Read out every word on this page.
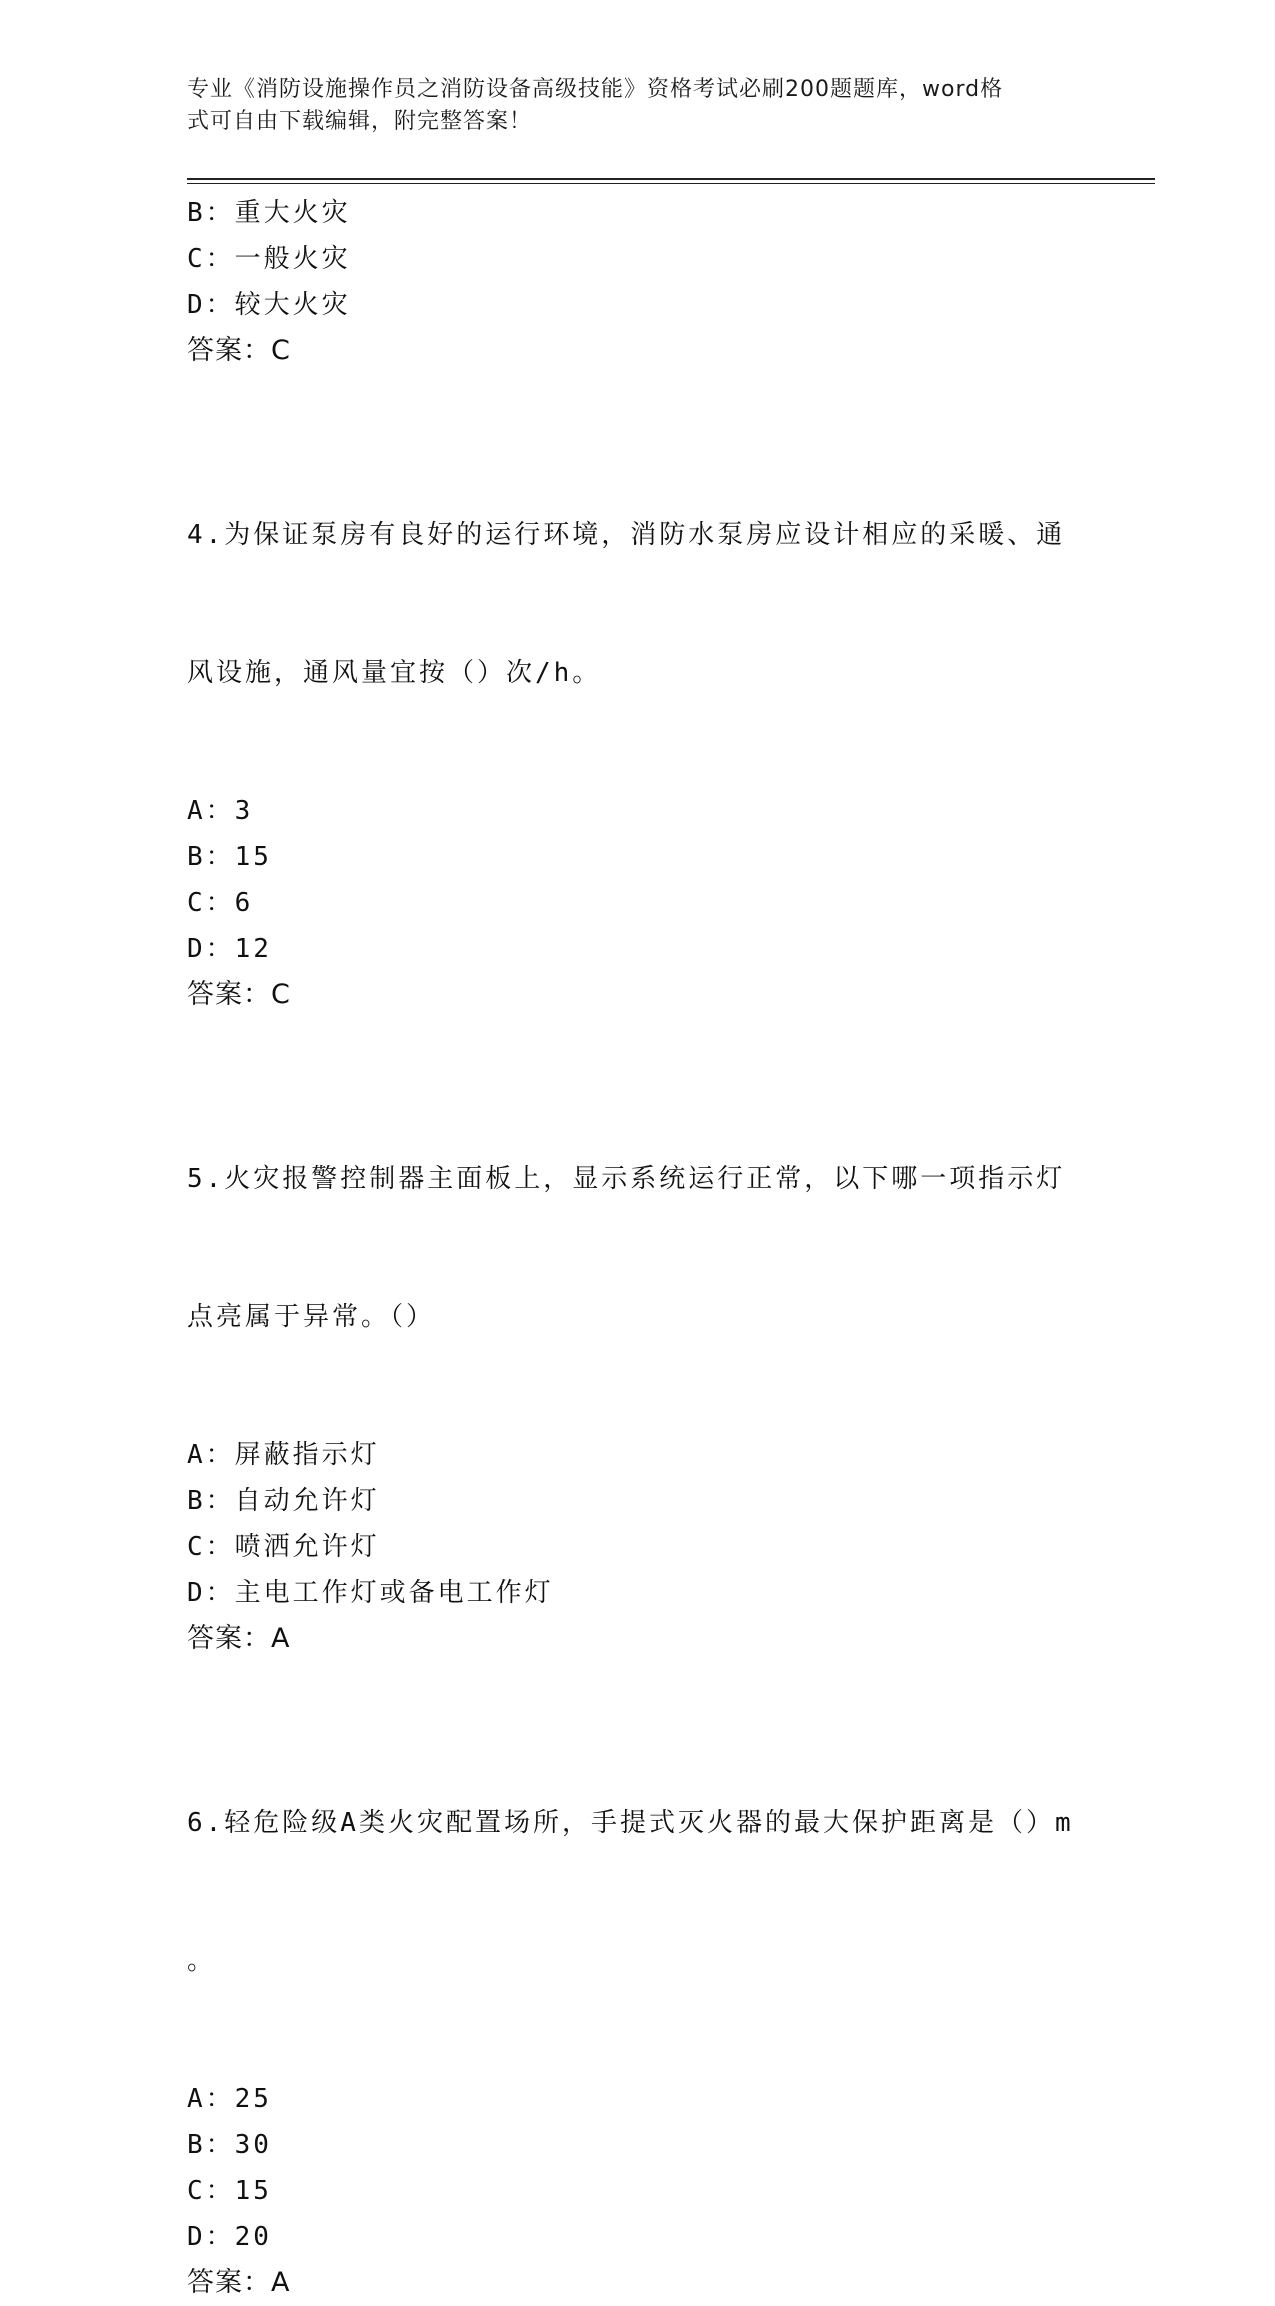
专业《消防设施操作员之消防设备高级技能》资格考试必刷200题题库，word格
式可自由下载编辑，附完整答案！
B：重大火灾
C：一般火灾
D：较大火灾
答案：C

4.为保证泵房有良好的运行环境，消防水泵房应设计相应的采暖、通

风设施，通风量宜按（）次/h。

A：3
B：15
C：6
D：12
答案：C

5.火灾报警控制器主面板上，显示系统运行正常，以下哪一项指示灯

点亮属于异常。（）

A：屏蔽指示灯
B：自动允许灯
C：喷洒允许灯
D：主电工作灯或备电工作灯
答案：A

6.轻危险级A类火灾配置场所，手提式灭火器的最大保护距离是（）m

。

A：25
B：30
C：15
D：20
答案：A
